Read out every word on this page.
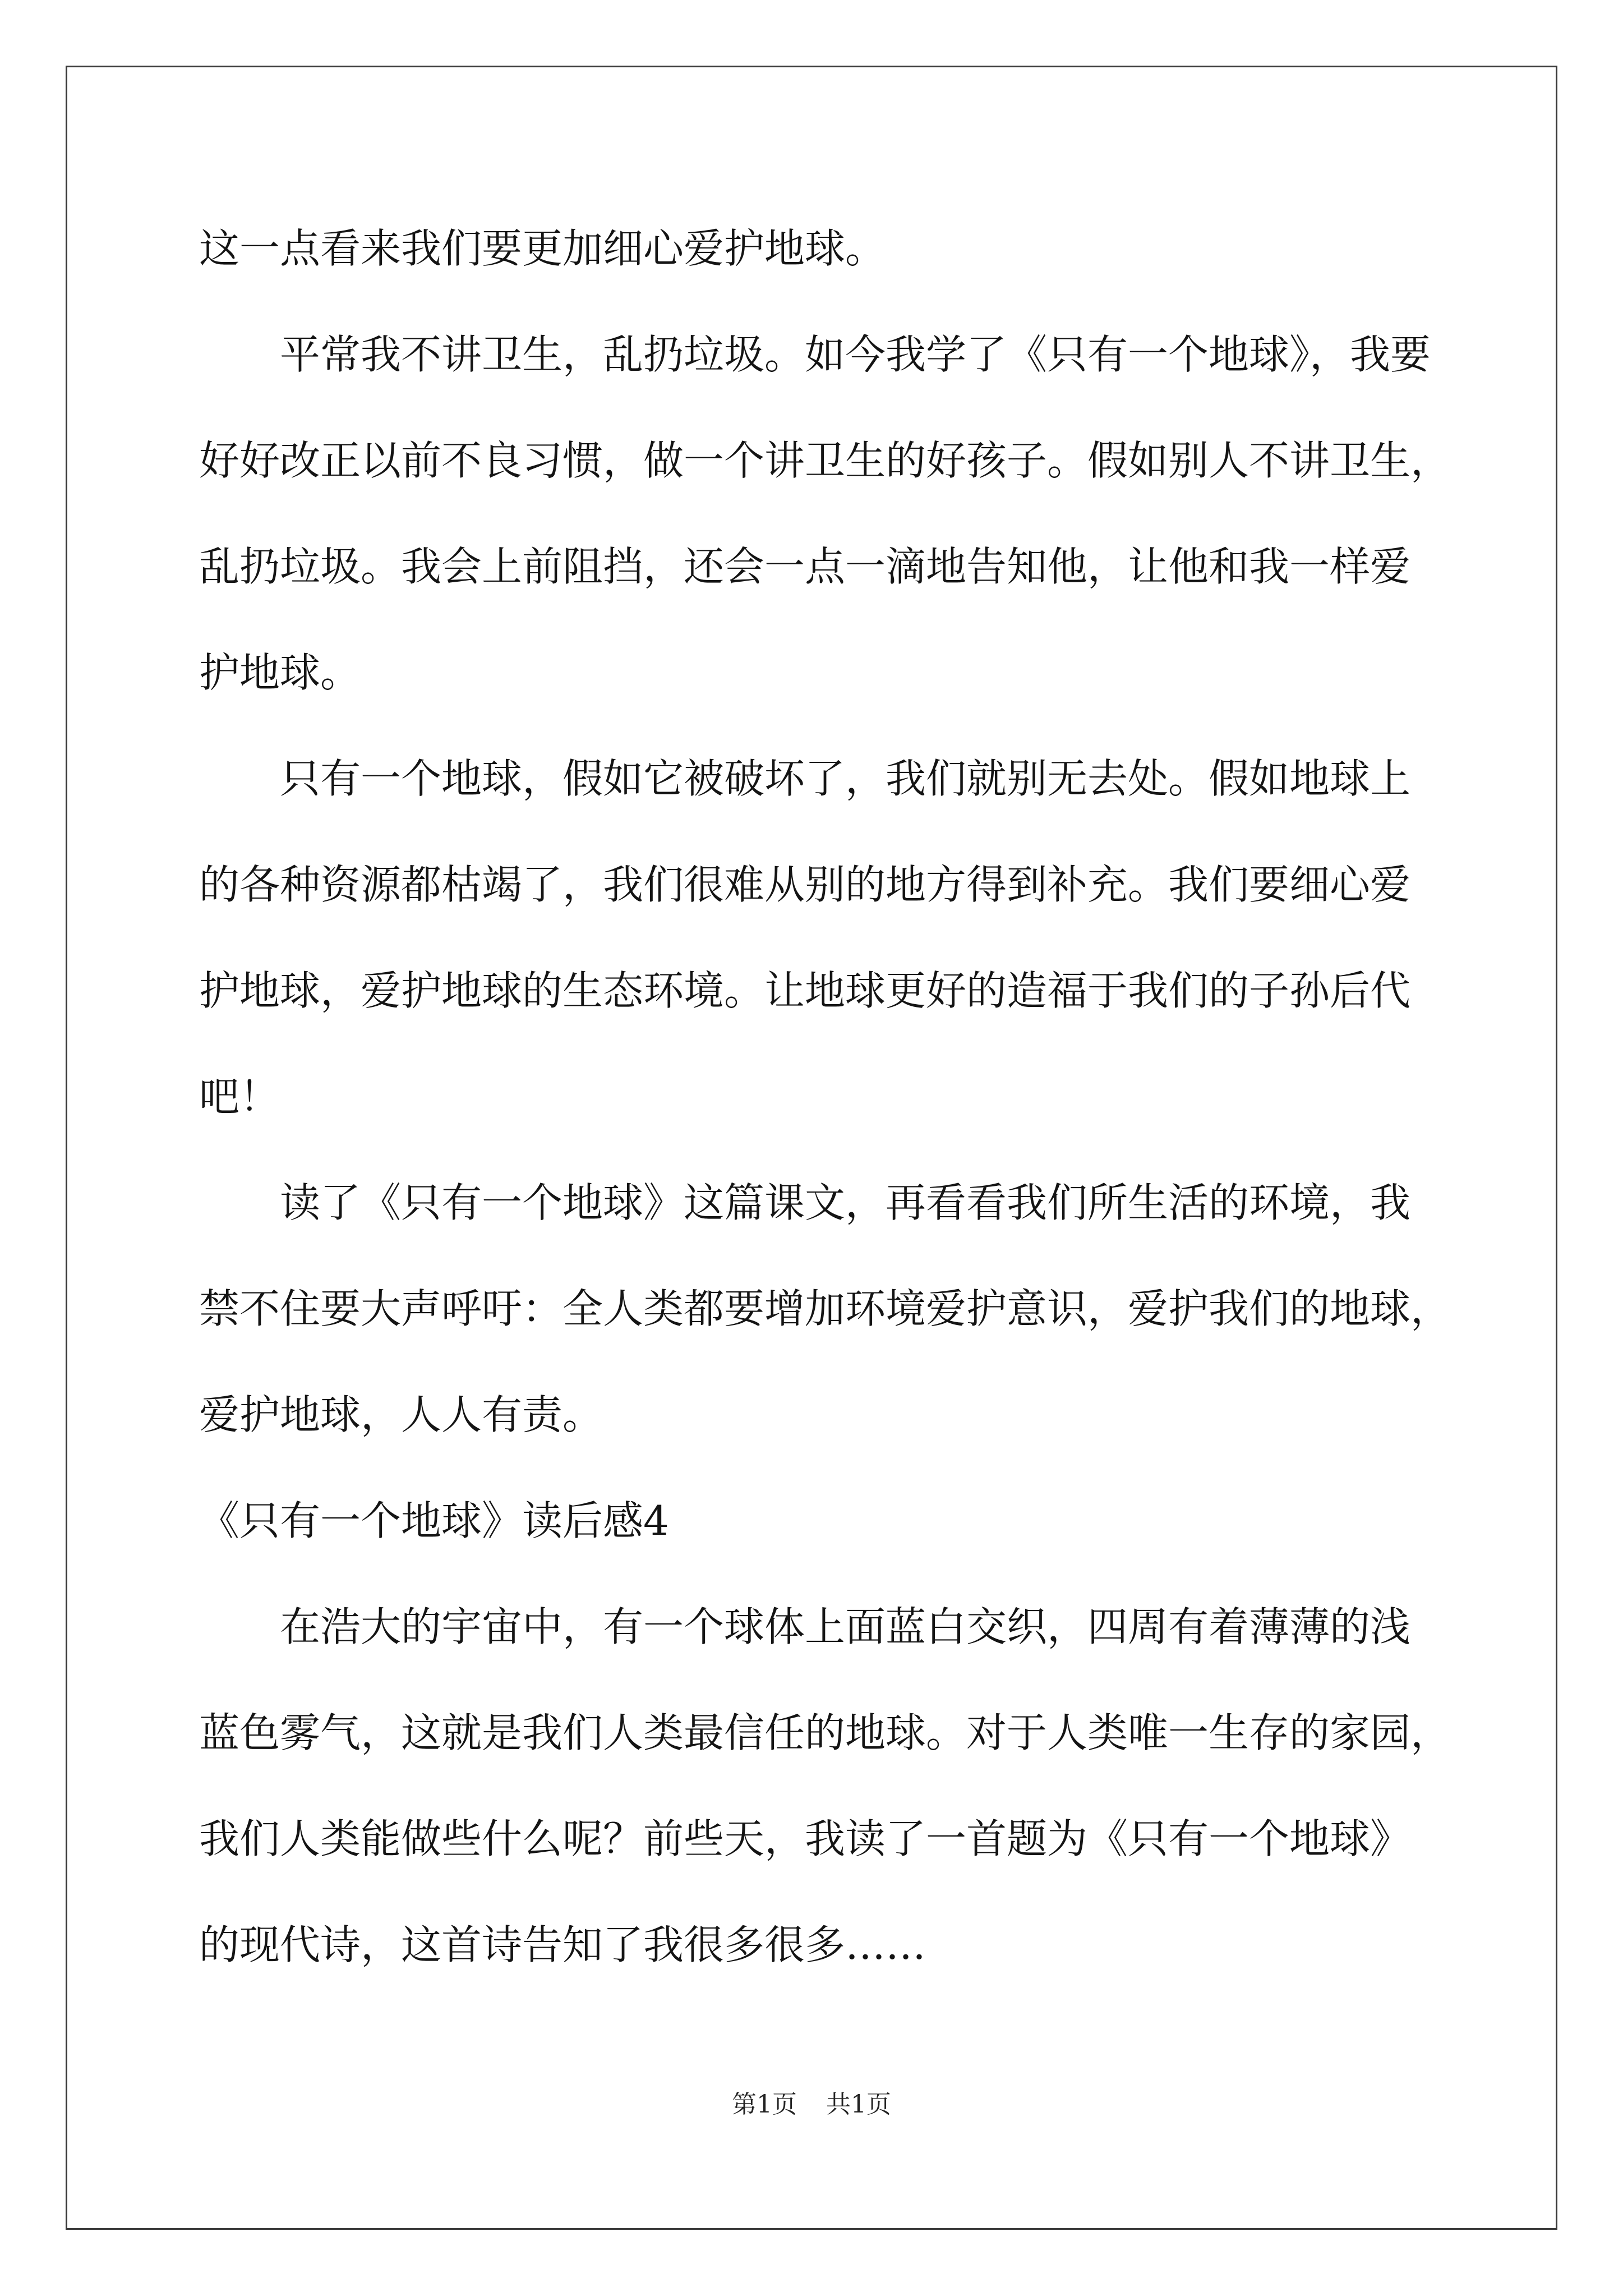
这一点看来我们要更加细心爱护地球。
平常我不讲卫生，乱扔垃圾。如今我学了《只有一个地球》，我要
好好改正以前不良习惯，做一个讲卫生的好孩子。假如别人不讲卫生，
乱扔垃圾。我会上前阻挡，还会一点一滴地告知他，让他和我一样爱
护地球。
只有一个地球，假如它被破坏了，我们就别无去处。假如地球上
的各种资源都枯竭了，我们很难从别的地方得到补充。我们要细心爱
护地球，爱护地球的生态环境。让地球更好的造福于我们的子孙后代
吧！
读了《只有一个地球》这篇课文，再看看我们所生活的环境，我
禁不住要大声呼吁：全人类都要增加环境爱护意识，爱护我们的地球，
爱护地球，人人有责。
《只有一个地球》读后感4
在浩大的宇宙中，有一个球体上面蓝白交织，四周有着薄薄的浅
蓝色雾气，这就是我们人类最信任的地球。对于人类唯一生存的家园，
我们人类能做些什么呢？前些天，我读了一首题为《只有一个地球》
的现代诗，这首诗告知了我很多很多……
第1页 共1页
